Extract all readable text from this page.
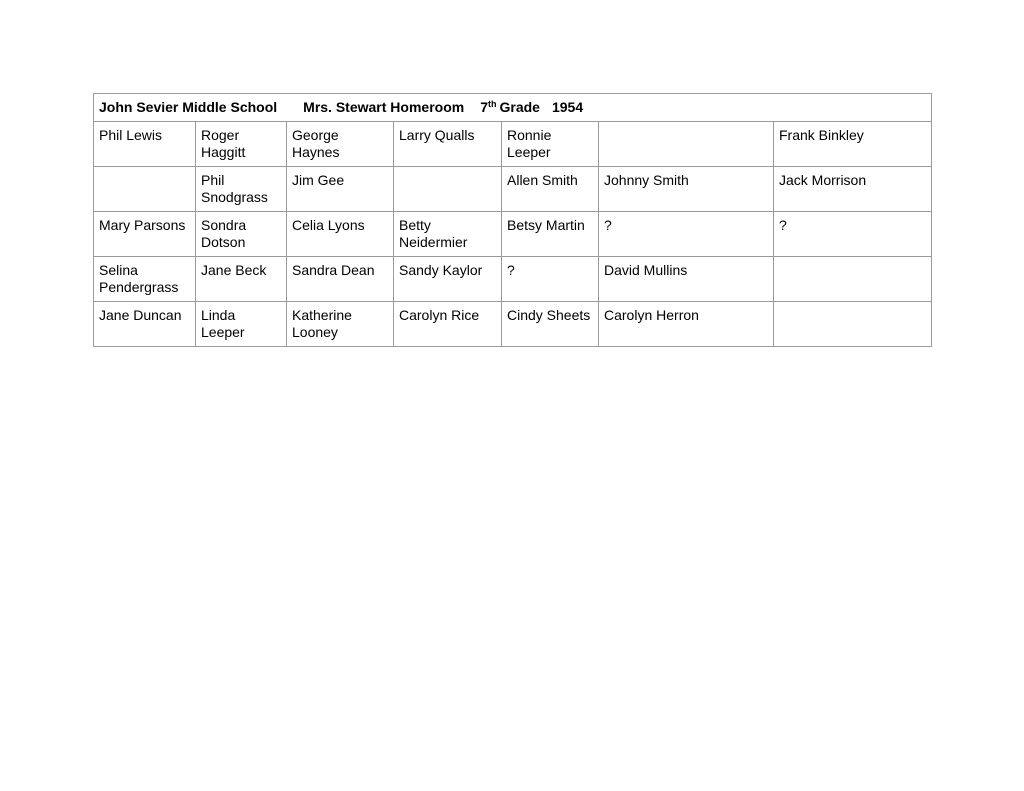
John Sevier Middle School Mrs. Stewart Homeroom 7th Grade 1954						
Phil Lewis	Roger Haggitt	George Haynes	Larry Qualls	Ronnie Leeper		Frank Binkley
	Phil Snodgrass	Jim Gee		Allen Smith	Johnny Smith	Jack Morrison
Mary Parsons	Sondra Dotson	Celia Lyons	Betty Neidermier	Betsy Martin	?	?
Selina Pendergrass	Jane Beck	Sandra Dean	Sandy Kaylor	?	David Mullins	
Jane Duncan	Linda Leeper	Katherine Looney	Carolyn Rice	Cindy Sheets	Carolyn Herron	
